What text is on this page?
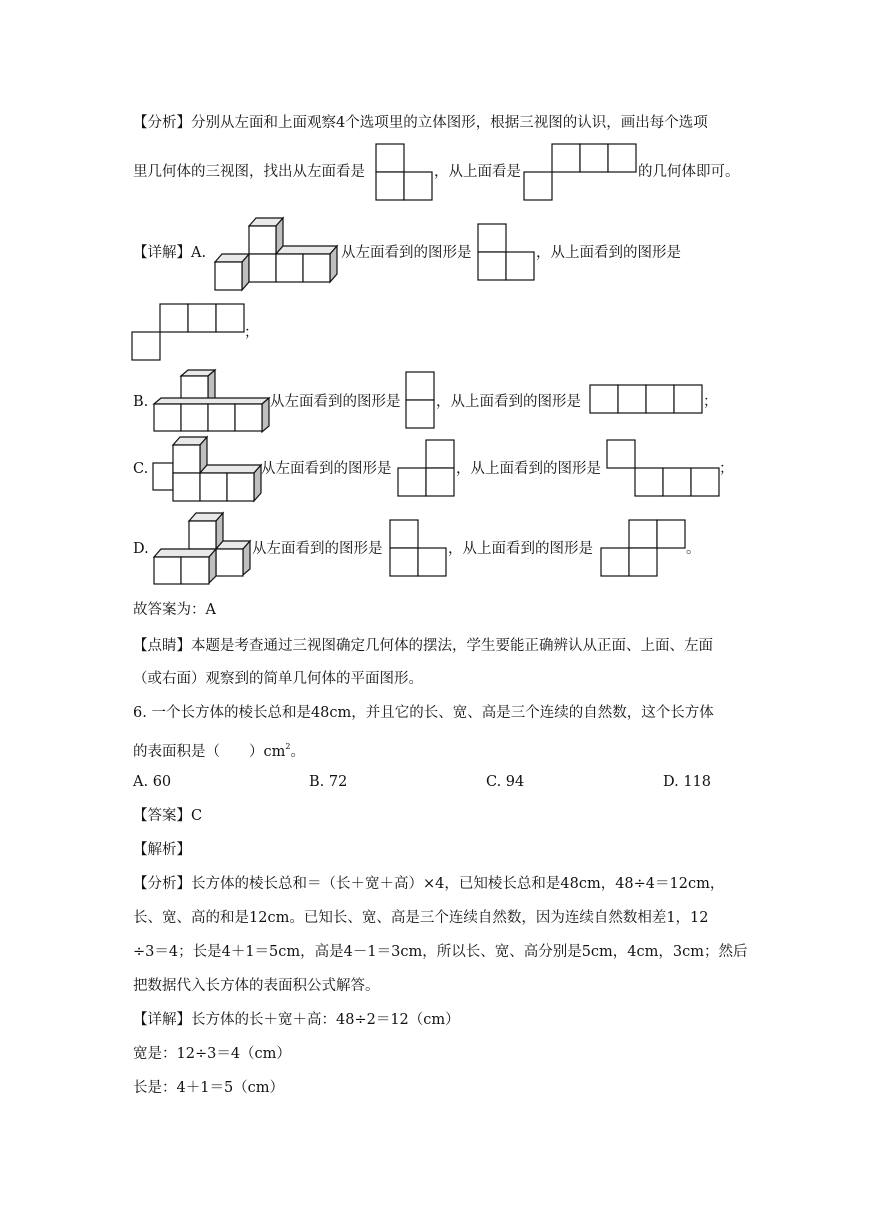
【分析】分别从左面和上面观察4个选项里的立体图形，根据三视图的认识，画出每个选项
里几何体的三视图，找出从左面看是	，从上面看是	的几何体即可。
【详解】A.	从左面看到的图形是	，从上面看到的图形是
；
B.	从左面看到的图形是 ，从上面看到的图形是	；
C.	从左面看到的图形是	，从上面看到的图形是	；
D.	从左面看到的图形是	，从上面看到的图形是	。
故答案为：A
【点睛】本题是考查通过三视图确定几何体的摆法，学生要能正确辨认从正面、上面、左面
（或右面）观察到的简单几何体的平面图形。
6. 一个长方体的棱长总和是48cm，并且它的长、宽、高是三个连续的自然数，这个长方体
的表面积是（　　）$cm^2$。
A. 60	B. 72	C. 94	D. 118
【答案】C
【解析】
【分析】长方体的棱长总和＝（长＋宽＋高）×4，已知棱长总和是48cm，48÷4＝12cm，
长、宽、高的和是12cm。已知长、宽、高是三个连续自然数，因为连续自然数相差1，12
÷3＝4；长是4＋1＝5cm，高是4－1＝3cm，所以长、宽、高分别是5cm，4cm，3cm；然后
把数据代入长方体的表面积公式解答。
【详解】长方体的长＋宽＋高：48÷2＝12（cm）
宽是：12÷3＝4（cm）
长是：4＋1＝5（cm）
